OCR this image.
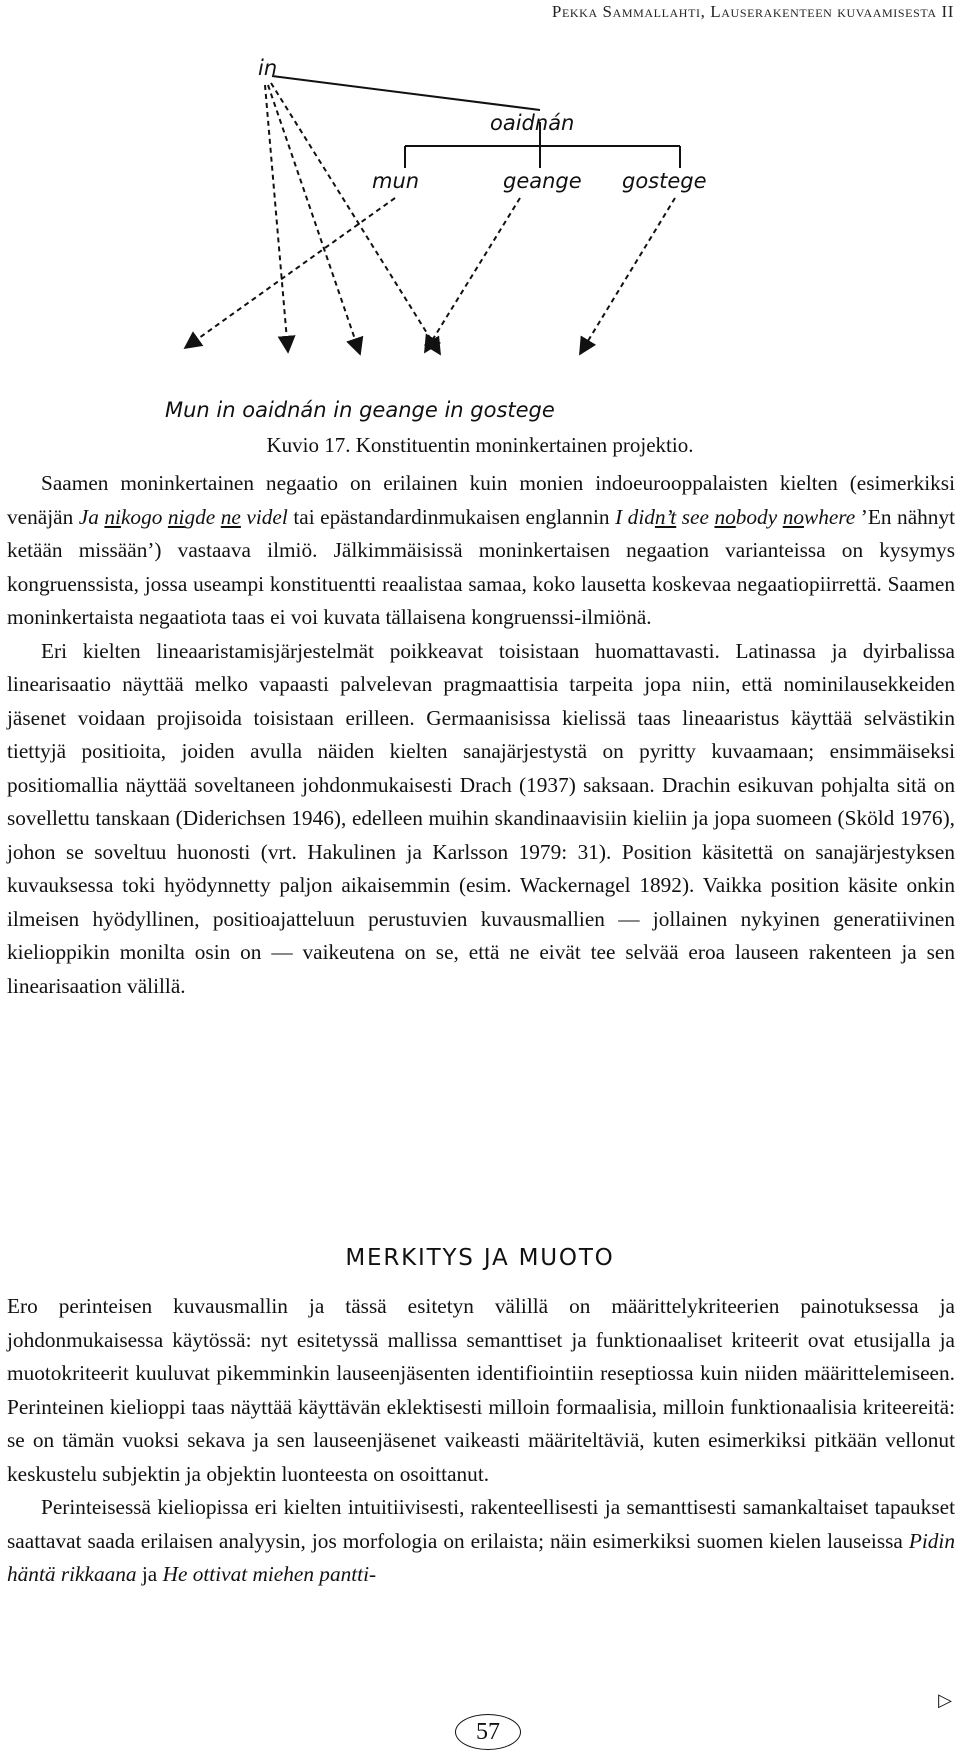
Pekka Sammallahti, Lauserakenteen kuvaamisesta II
in
oaidnán
mun	geange gostege
Mun in oaidnán in geange in gostege
Kuvio 17. Konstituentin moninkertainen projektio.

Saamen moninkertainen negaatio on erilainen kuin monien indoeurooppalaisten kielten (esimerkiksi venäjän Ja nikogo nigde ne videl tai epästandardinmukaisen englannin I didn’t see nobody nowhere ’En nähnyt ketään missään’) vastaava ilmiö. Jälkimmäisissä moninkertaisen negaation varianteissa on kysymys kongruenssista, jossa useampi konstituentti reaalistaa samaa, koko lausetta koskevaa negaatiopiirrettä. Saamen moninkertaista negaatiota taas ei voi kuvata tällaisena kongruenssi-ilmiönä.

Eri kielten lineaaristamisjärjestelmät poikkeavat toisistaan huomattavasti. Latinassa ja dyirbalissa linearisaatio näyttää melko vapaasti palvelevan pragmaattisia tarpeita jopa niin, että nominilausekkeiden jäsenet voidaan projisoida toisistaan erilleen. Germaanisissa kielissä taas lineaaristus käyttää selvästikin tiettyjä positioita, joiden avulla näiden kielten sanajärjestystä on pyritty kuvaamaan; ensimmäiseksi positiomallia näyttää soveltaneen johdonmukaisesti Drach (1937) saksaan. Drachin esikuvan pohjalta sitä on sovellettu tanskaan (Diderichsen 1946), edelleen muihin skandinaavisiin kieliin ja jopa suomeen (Sköld 1976), johon se soveltuu huonosti (vrt. Hakulinen ja Karlsson 1979: 31). Position käsitettä on sanajärjestyksen kuvauksessa toki hyödynnetty paljon aikaisemmin (esim. Wackernagel 1892). Vaikka position käsite onkin ilmeisen hyödyllinen, positioajatteluun perustuvien kuvausmallien — jollainen nykyinen generatiivinen kielioppikin monilta osin on — vaikeutena on se, että ne eivät tee selvää eroa lauseen rakenteen ja sen linearisaation välillä.

MERKITYS JA MUOTO

Ero perinteisen kuvausmallin ja tässä esitetyn välillä on määrittelykriteerien painotuksessa ja johdonmukaisessa käytössä: nyt esitetyssä mallissa semanttiset ja funktionaaliset kriteerit ovat etusijalla ja muotokriteerit kuuluvat pikemminkin lauseenjäsenten identifiointiin reseptiossa kuin niiden määrittelemiseen. Perinteinen kielioppi taas näyttää käyttävän eklektisesti milloin formaalisia, milloin funktionaalisia kriteereitä: se on tämän vuoksi sekava ja sen lauseenjäsenet vaikeasti määriteltäviä, kuten esimerkiksi pitkään vellonut keskustelu subjektin ja objektin luonteesta on osoittanut.

Perinteisessä kieliopissa eri kielten intuitiivisesti, rakenteellisesti ja semanttisesti samankaltaiset tapaukset saattavat saada erilaisen analyysin, jos morfologia on erilaista; näin esimerkiksi suomen kielen lauseissa Pidin häntä rikkaana ja He ottivat miehen pantti-

▷
57
